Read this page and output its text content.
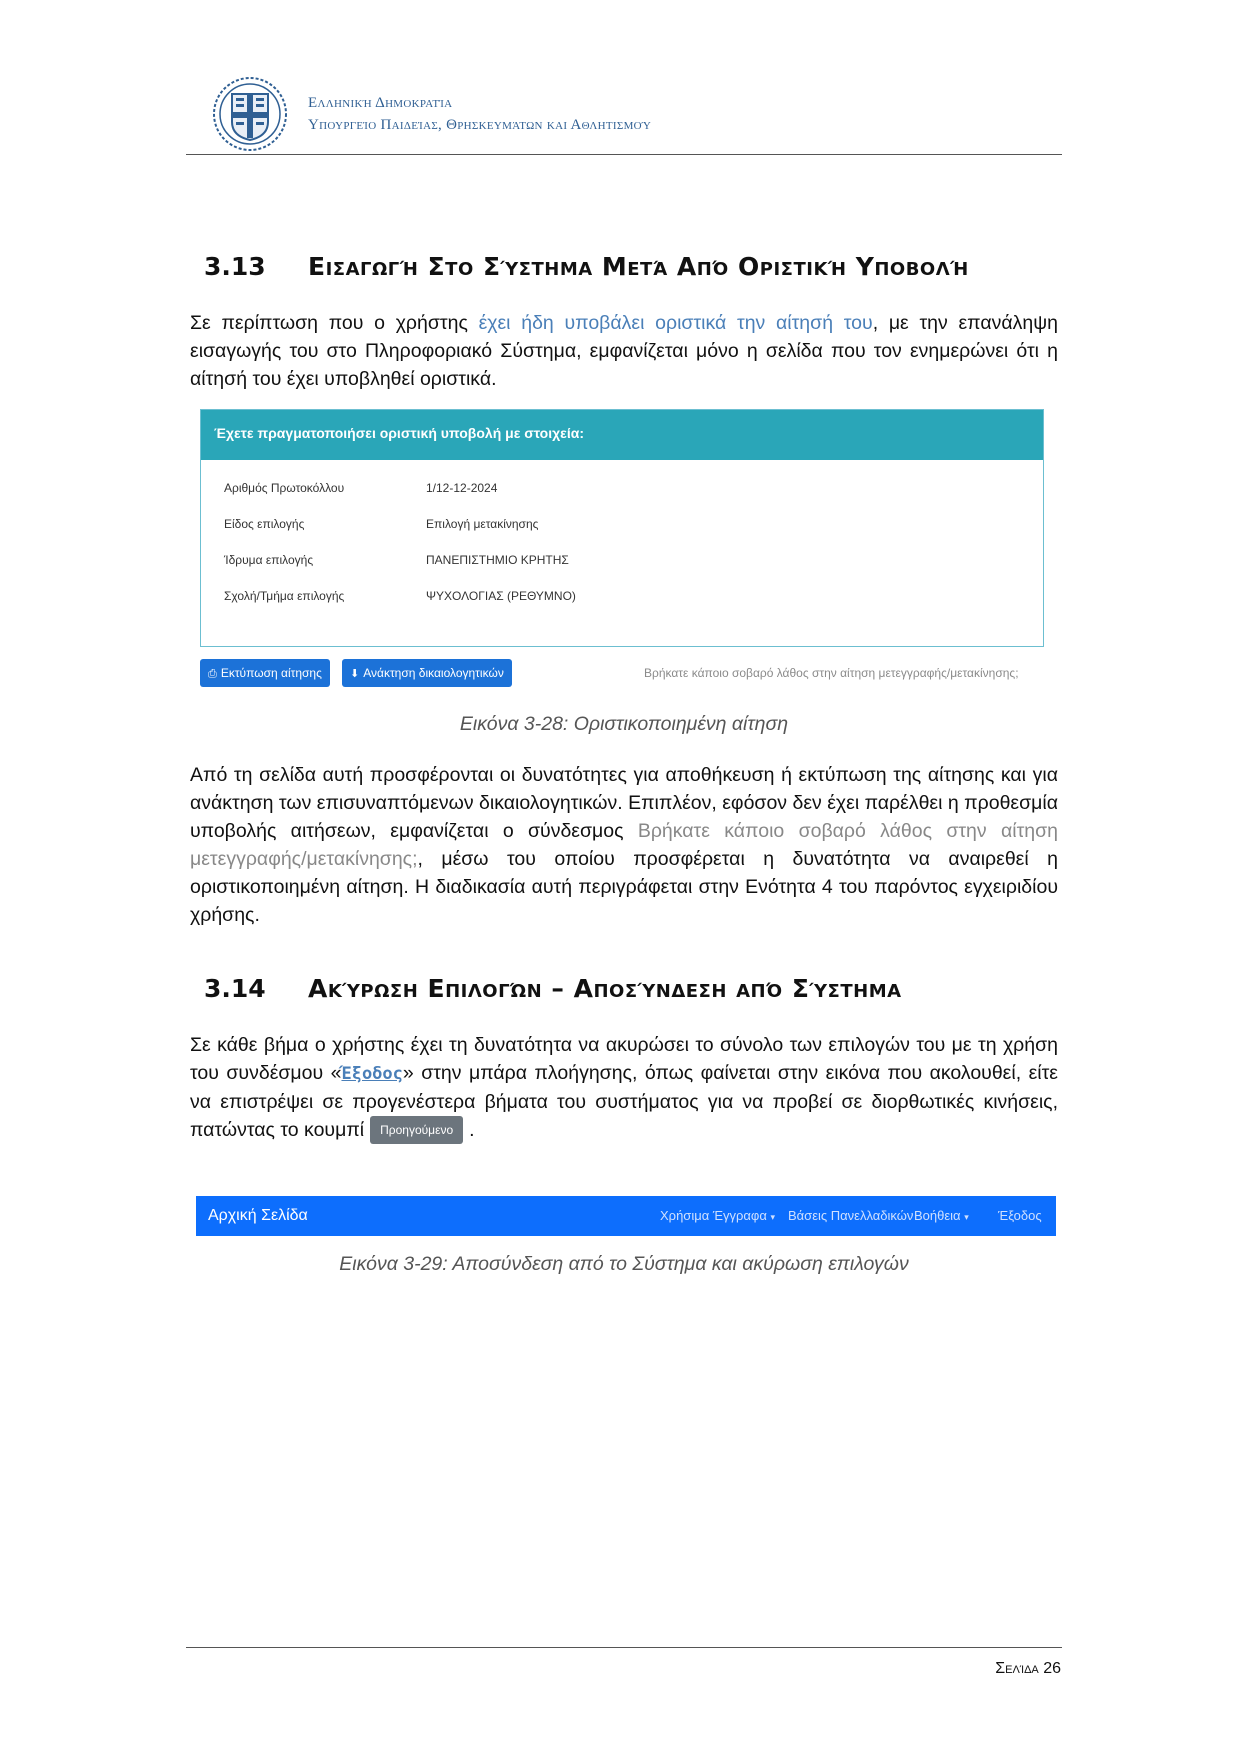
Ελληνική Δημοκρατία
Υπουργείο Παιδείας, Θρησκευμάτων και Αθλητισμού
3.13 Εισαγωγή Στο Σύστημα Μετά Από Οριστική Υποβολή

Σε περίπτωση που ο χρήστης έχει ήδη υποβάλει οριστικά την αίτησή του, με την επανάληψη εισαγωγής του στο Πληροφοριακό Σύστημα, εμφανίζεται μόνο η σελίδα που τον ενημερώνει ότι η αίτησή του έχει υποβληθεί οριστικά.

Έχετε πραγματοποιήσει οριστική υποβολή με στοιχεία:
Αριθμός Πρωτοκόλλου	1/12-12-2024
Είδος επιλογής	Επιλογή μετακίνησης
Ίδρυμα επιλογής	ΠΑΝΕΠΙΣΤΗΜΙΟ ΚΡΗΤΗΣ
Σχολή/Τμήμα επιλογής	ΨΥΧΟΛΟΓΙΑΣ (ΡΕΘΥΜΝΟ)
⎙ Εκτύπωση αίτησης	⬇ Ανάκτηση δικαιολογητικών	Βρήκατε κάποιο σοβαρό λάθος στην αίτηση μετεγγραφής/μετακίνησης;
Εικόνα 3-28: Οριστικοποιημένη αίτηση

Από τη σελίδα αυτή προσφέρονται οι δυνατότητες για αποθήκευση ή εκτύπωση της αίτησης και για ανάκτηση των επισυναπτόμενων δικαιολογητικών. Επιπλέον, εφόσον δεν έχει παρέλθει η προθεσμία υποβολής αιτήσεων, εμφανίζεται ο σύνδεσμος Βρήκατε κάποιο σοβαρό λάθος στην αίτηση μετεγγραφής/μετακίνησης;, μέσω του οποίου προσφέρεται η δυνατότητα να αναιρεθεί η οριστικοποιημένη αίτηση. Η διαδικασία αυτή περιγράφεται στην Ενότητα 4 του παρόντος εγχειριδίου χρήσης.

3.14 Ακύρωση Επιλογών – Αποσύνδεση από Σύστημα

Σε κάθε βήμα ο χρήστης έχει τη δυνατότητα να ακυρώσει το σύνολο των επιλογών του με τη χρήση του συνδέσμου «Έξοδος» στην μπάρα πλοήγησης, όπως φαίνεται στην εικόνα που ακολουθεί, είτε να επιστρέψει σε προγενέστερα βήματα του συστήματος για να προβεί σε διορθωτικές κινήσεις, πατώντας το κουμπί Προηγούμενο .

Αρχική Σελίδα	Χρήσιμα Έγγραφα ▾ Βάσεις Πανελλαδικών Βοήθεια ▾ Έξοδος
Εικόνα 3-29: Αποσύνδεση από το Σύστημα και ακύρωση επιλογών
Σελίδα 26
